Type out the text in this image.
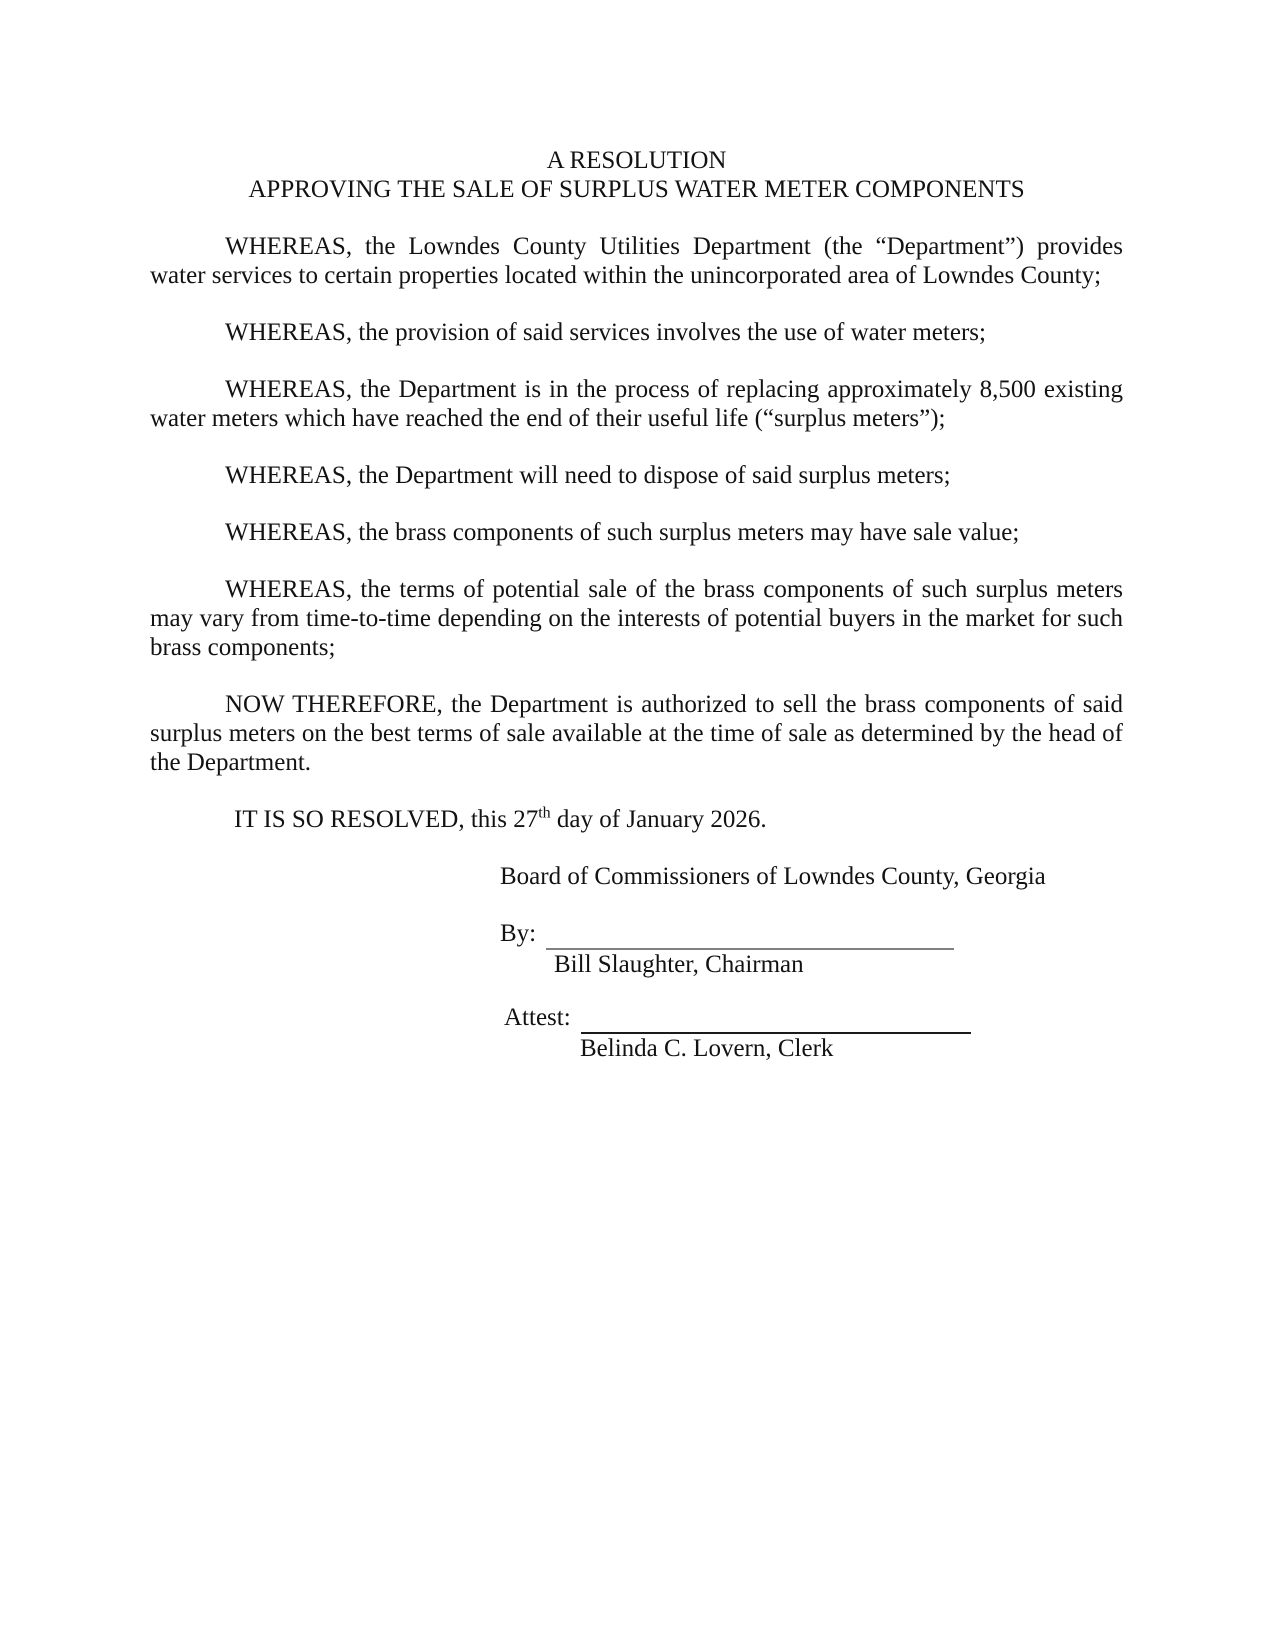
A RESOLUTION
APPROVING THE SALE OF SURPLUS WATER METER COMPONENTS

WHEREAS, the Lowndes County Utilities Department (the “Department”) provides water services to certain properties located within the unincorporated area of Lowndes County;

WHEREAS, the provision of said services involves the use of water meters;

WHEREAS, the Department is in the process of replacing approximately 8,500 existing water meters which have reached the end of their useful life (“surplus meters”);

WHEREAS, the Department will need to dispose of said surplus meters;

WHEREAS, the brass components of such surplus meters may have sale value;

WHEREAS, the terms of potential sale of the brass components of such surplus meters may vary from time-to-time depending on the interests of potential buyers in the market for such brass components;

NOW THEREFORE, the Department is authorized to sell the brass components of said surplus meters on the best terms of sale available at the time of sale as determined by the head of the Department.

IT IS SO RESOLVED, this 27th day of January 2026.

Board of Commissioners of Lowndes County, Georgia
By:
Bill Slaughter, Chairman
Attest:
Belinda C. Lovern, Clerk
